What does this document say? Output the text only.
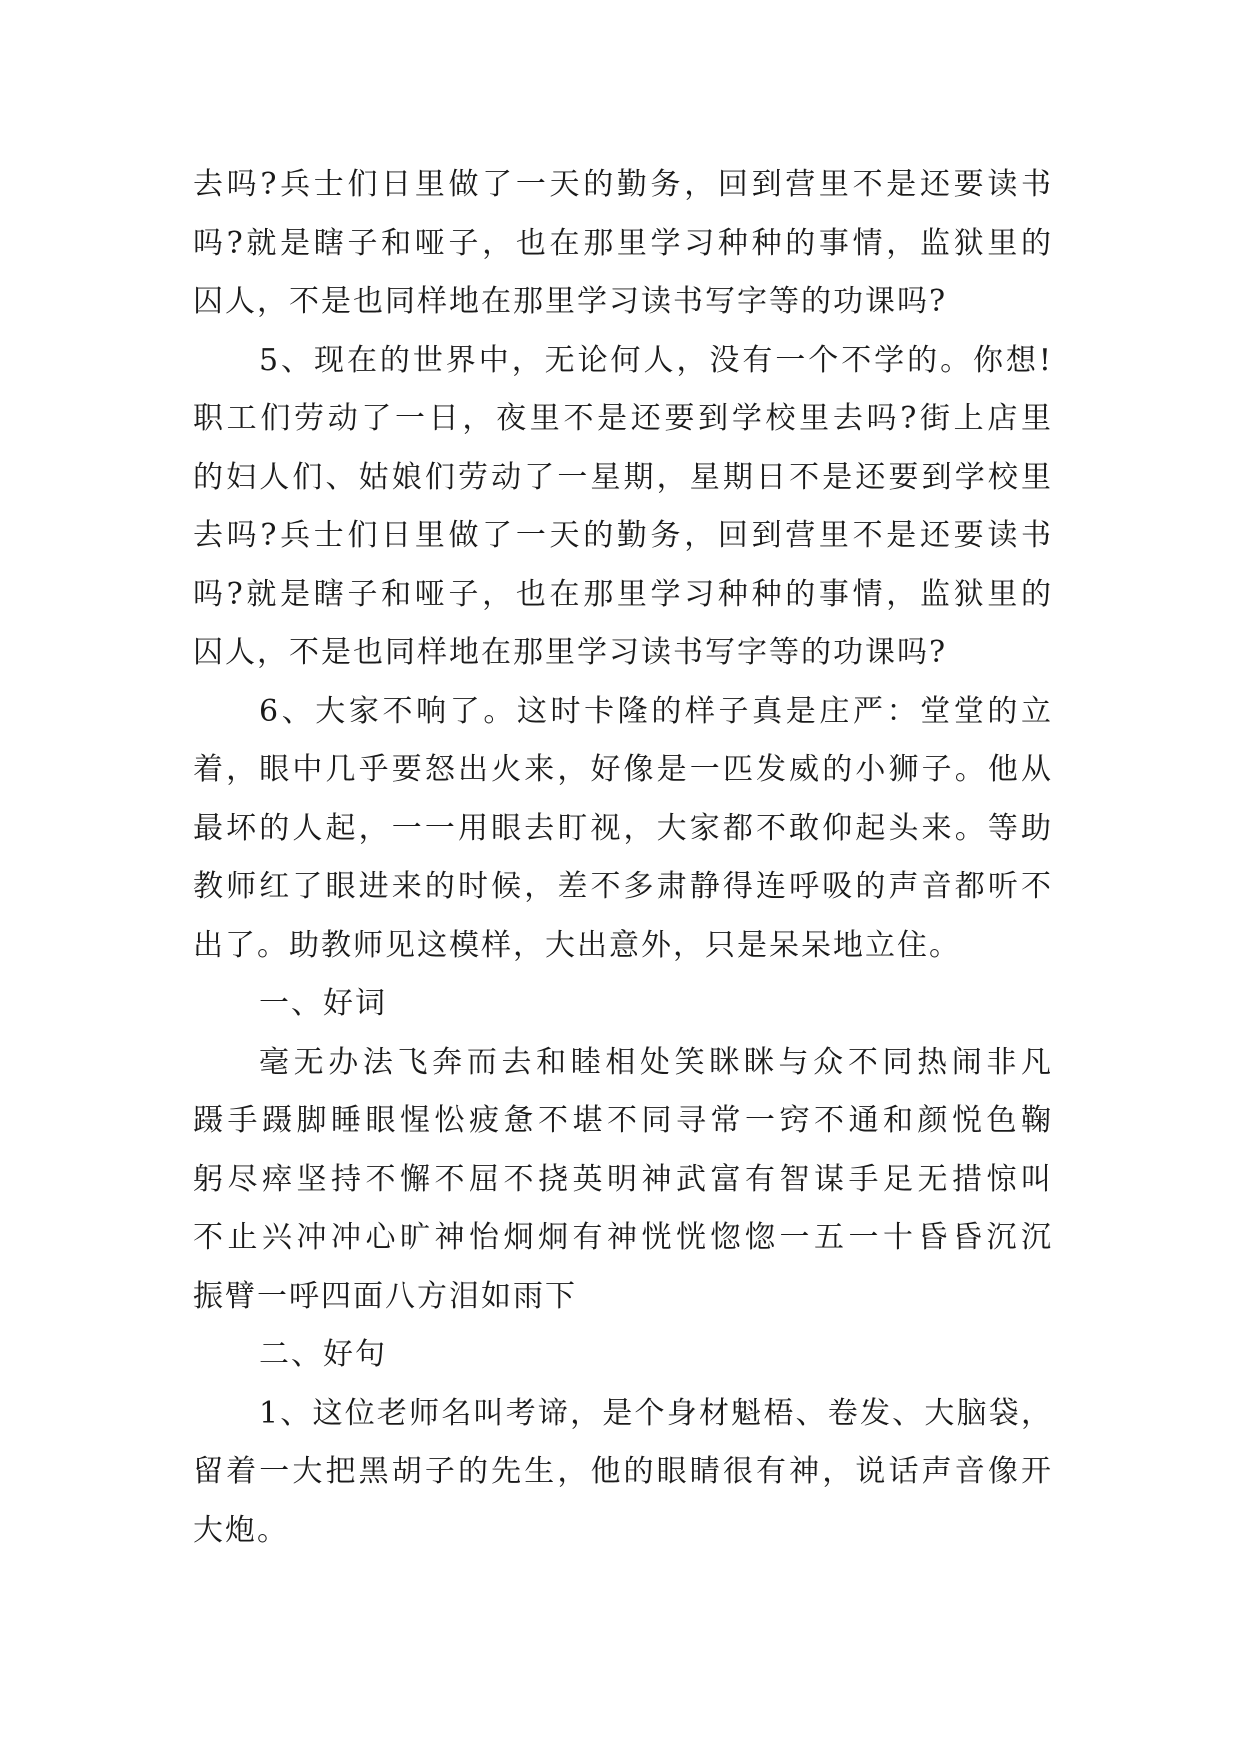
去吗?兵士们日里做了一天的勤务，回到营里不是还要读书
吗?就是瞎子和哑子，也在那里学习种种的事情，监狱里的
囚人，不是也同样地在那里学习读书写字等的功课吗?
5、现在的世界中，无论何人，没有一个不学的。你想!
职工们劳动了一日，夜里不是还要到学校里去吗?街上店里
的妇人们、姑娘们劳动了一星期，星期日不是还要到学校里
去吗?兵士们日里做了一天的勤务，回到营里不是还要读书
吗?就是瞎子和哑子，也在那里学习种种的事情，监狱里的
囚人，不是也同样地在那里学习读书写字等的功课吗?
6、大家不响了。这时卡隆的样子真是庄严：堂堂的立
着，眼中几乎要怒出火来，好像是一匹发威的小狮子。他从
最坏的人起，一一用眼去盯视，大家都不敢仰起头来。等助
教师红了眼进来的时候，差不多肃静得连呼吸的声音都听不
出了。助教师见这模样，大出意外，只是呆呆地立住。
一、好词
毫无办法飞奔而去和睦相处笑眯眯与众不同热闹非凡
蹑手蹑脚睡眼惺忪疲惫不堪不同寻常一窍不通和颜悦色鞠
躬尽瘁坚持不懈不屈不挠英明神武富有智谋手足无措惊叫
不止兴冲冲心旷神怡炯炯有神恍恍惚惚一五一十昏昏沉沉
振臂一呼四面八方泪如雨下
二、好句
1、这位老师名叫考谛，是个身材魁梧、卷发、大脑袋，
留着一大把黑胡子的先生，他的眼睛很有神，说话声音像开
大炮。
